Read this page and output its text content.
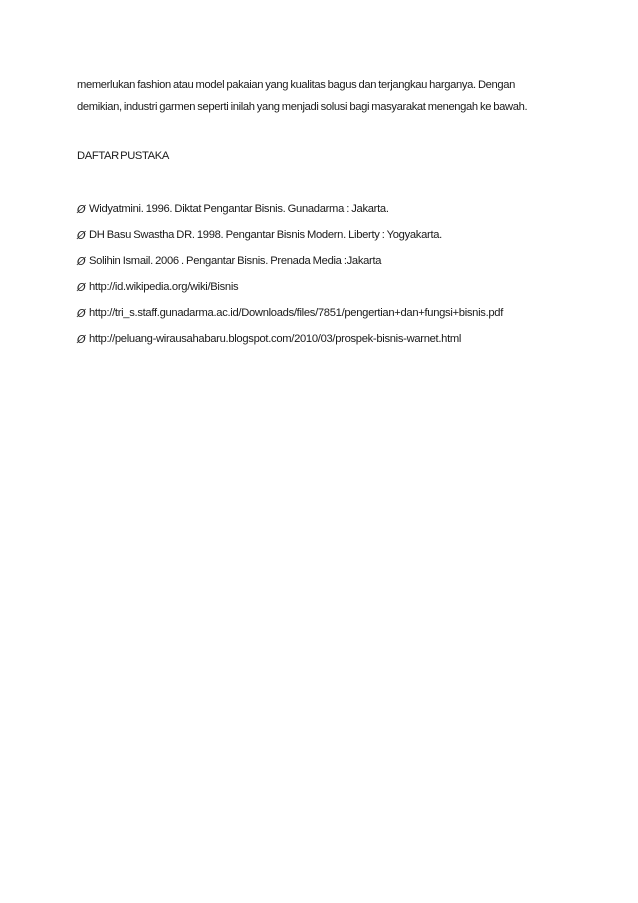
memerlukan fashion atau model pakaian yang kualitas bagus dan terjangkau harganya. Dengan
demikian, industri garmen seperti inilah yang menjadi solusi bagi masyarakat menengah ke bawah.

DAFTAR PUSTAKA
Ø Widyatmini. 1996. Diktat Pengantar Bisnis. Gunadarma : Jakarta.
Ø DH Basu Swastha DR. 1998. Pengantar Bisnis Modern. Liberty : Yogyakarta.
Ø Solihin Ismail. 2006 . Pengantar Bisnis. Prenada Media :Jakarta
Ø http://id.wikipedia.org/wiki/Bisnis
Ø http://tri_s.staff.gunadarma.ac.id/Downloads/files/7851/pengertian+dan+fungsi+bisnis.pdf
Ø http://peluang-wirausahabaru.blogspot.com/2010/03/prospek-bisnis-warnet.html
